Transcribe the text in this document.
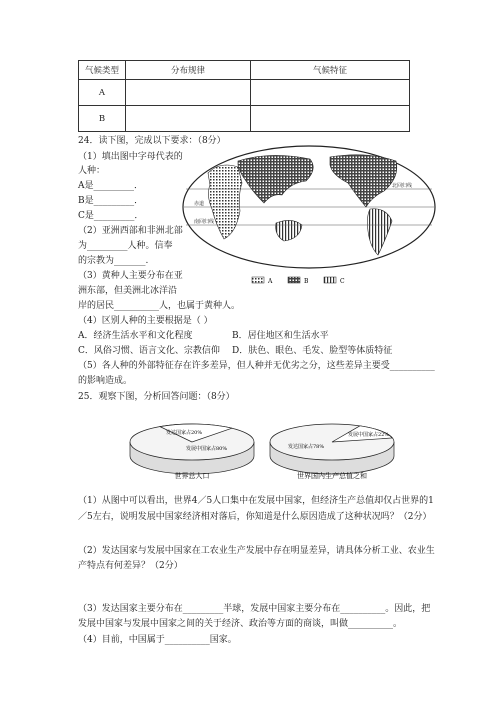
气候类型	分布规律	气候特征
A		
B		
24．读下图，完成以下要求：（8分）
（1）填出图中字母代表的
人种：
A是_________．
B是_________．
C是_________．
（2）亚洲西部和非洲北部
为_________人种。信奉
的宗教为_______.
（3）黄种人主要分布在亚
洲东部，但美洲北冰洋沿
岸的居民__________人，也属于黄种人。
（4）区别人种的主要根据是（ ）
A．经济生活水平和文化程度	B．居住地区和生活水平
C．风俗习惯、语言文化、宗教信仰 D．肤色、眼色、毛发、脸型等体质特征
（5）各人种的外部特征存在许多差异，但人种并无优劣之分，这些差异主要受__________
的影响造成。
北回归线
南回归线
赤道
A	B	C
25．观察下图，分析回答问题：（8分）
发达国家占20%
发展中国家占80%
发展中国家占22%
发达国家占78%
世界总人口	世界国内生产总值之和
（1）从图中可以看出，世界4／5人口集中在发展中国家，但经济生产总值却仅占世界的1
／5左右，说明发展中国家经济相对落后，你知道是什么原因造成了这种状况吗？（2分）
（2）发达国家与发展中国家在工农业生产发展中存在明显差异，请具体分析工业、农业生
产特点有何差异？（2分）
（3）发达国家主要分布在_________半球，发展中国家主要分布在__________。因此，把
发展中国家与发展中国家之间的关于经济、政治等方面的商谈，叫做__________。
（4）目前，中国属于__________国家。
